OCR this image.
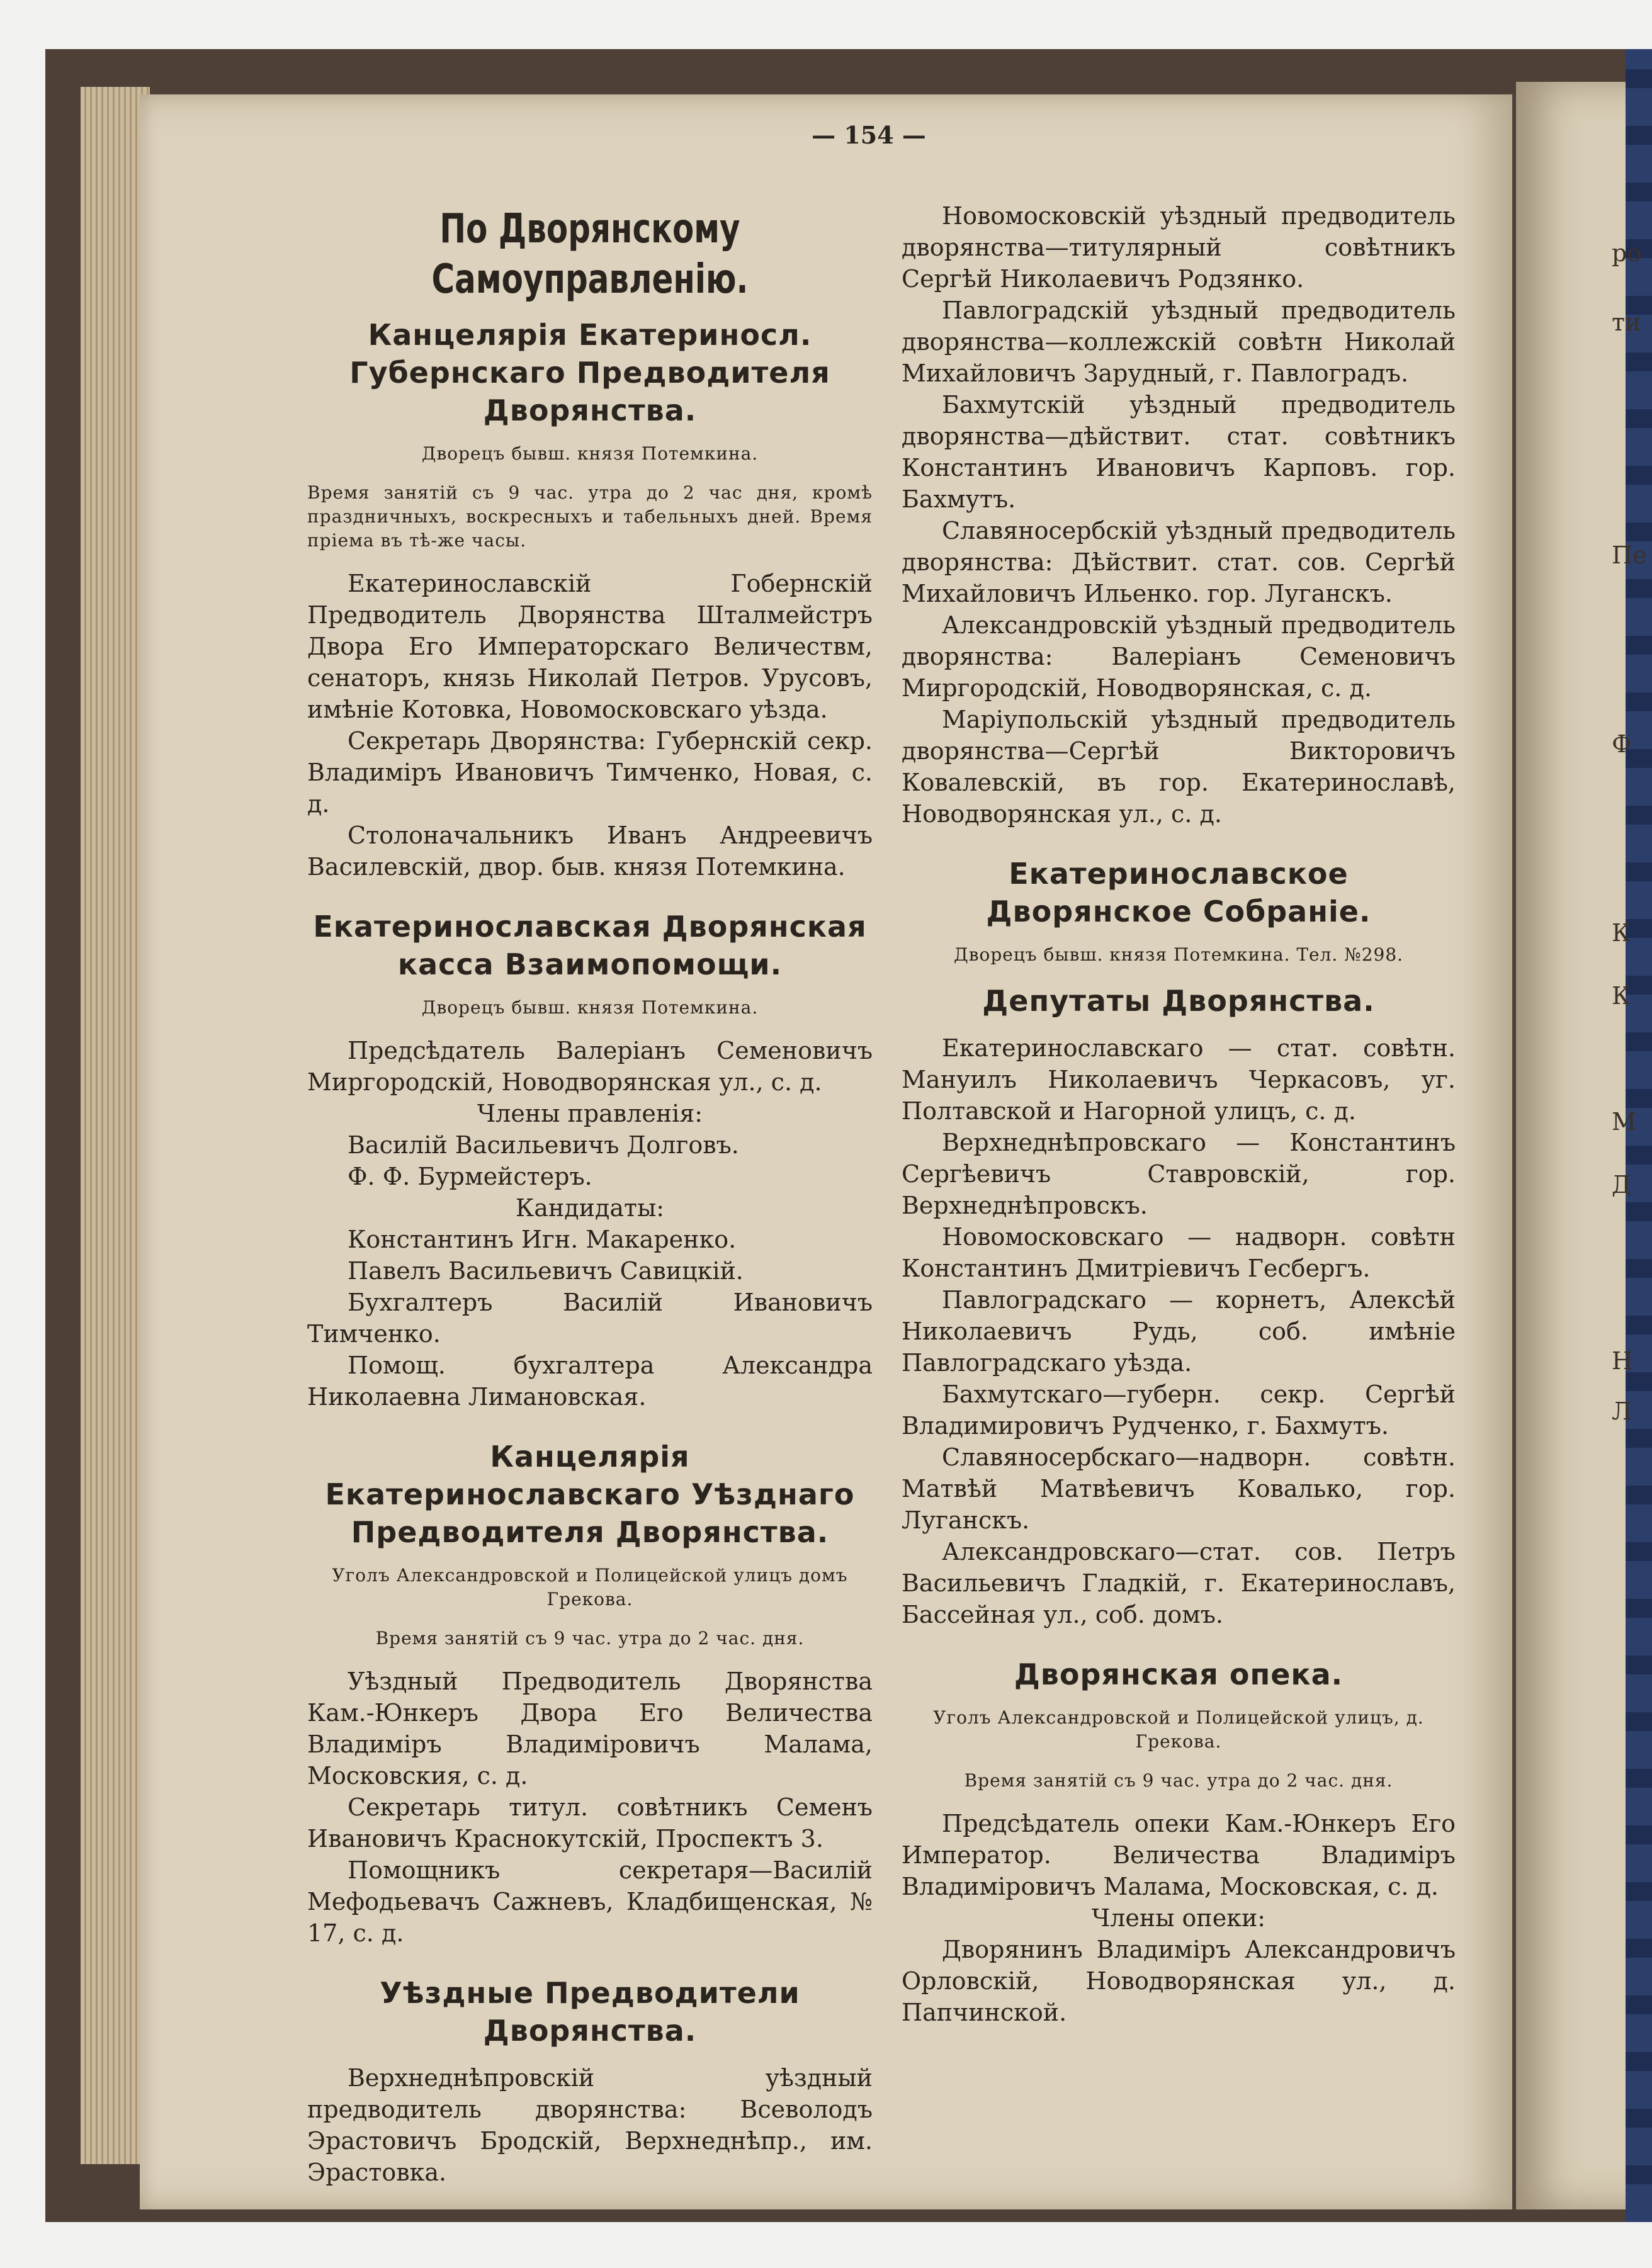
— 154 —
По Дворянскому Самоуправленію.
Канцелярія Екатериносл. Губернскаго Предводителя Дворянства.
Дворецъ бывш. князя Потемкина.
Время занятій съ 9 час. утра до 2 час дня, кромѣ праздничныхъ, воскресныхъ и табельныхъ дней. Время пріема въ тѣ-же часы.

Екатеринославскій Гобернскій Предводитель Дворянства Шталмейстръ Двора Его Императорскаго Величествм, сенаторъ, князь Николай Петров. Урусовъ, имѣніе Котовка, Новомосковскаго уѣзда.

Секретарь Дворянства: Губернскій секр. Владиміръ Ивановичъ Тимченко, Новая, с. д.

Столоначальникъ Иванъ Андреевичъ Василевскій, двор. быв. князя Потемкина.

Екатеринославская Дворянская касса Взаимопомощи.
Дворецъ бывш. князя Потемкина.

Предсѣдатель Валеріанъ Семеновичъ Миргородскій, Новодворянская ул., с. д.

Члены правленія:

Василій Васильевичъ Долговъ.

Ф. Ф. Бурмейстеръ.

Кандидаты:

Константинъ Игн. Макаренко.

Павелъ Васильевичъ Савицкій.

Бухгалтеръ Василій Ивановичъ Тимченко.

Помощ. бухгалтера Александра Николаевна Лимановская.

Канцелярія Екатеринославскаго Уѣзднаго Предводителя Дворянства.
Уголъ Александровской и Полицейской улицъ домъ Грекова.
Время занятій съ 9 час. утра до 2 час. дня.

Уѣздный Предводитель Дворянства Кам.-Юнкеръ Двора Его Величества Владиміръ Владиміровичъ Малама, Московския, с. д.

Секретарь титул. совѣтникъ Семенъ Ивановичъ Краснокутскій, Проспектъ 3.

Помощникъ секретаря—Василій Мефодьевачъ Сажневъ, Кладбищенская, № 17, с. д.

Уѣздные Предводители Дворянства.

Верхнеднѣпровскій уѣздный предводитель дворянства: Всеволодъ Эрастовичъ Бродскій, Верхнеднѣпр., им. Эрастовка.

Новомосковскій уѣздный предводитель дворянства—титулярный совѣтникъ Сергѣй Николаевичъ Родзянко.

Павлоградскій уѣздный предводитель дворянства—коллежскій совѣтн Николай Михайловичъ Зарудный, г. Павлоградъ.

Бахмутскій уѣздный предводитель дворянства—дѣйствит. стат. совѣтникъ Константинъ Ивановичъ Карповъ. гор. Бахмутъ.

Славяносербскій уѣздный предводитель дворянства: Дѣйствит. стат. сов. Сергѣй Михайловичъ Ильенко. гор. Луганскъ.

Александровскій уѣздный предводитель дворянства: Валеріанъ Семеновичъ Миргородскій, Новодворянская, с. д.

Маріупольскій уѣздный предводитель дворянства—Сергѣй Викторовичъ Ковалевскій, въ гор. Екатеринославѣ, Новодворянская ул., с. д.

Екатеринославское Дворянское Собраніе.
Дворецъ бывш. князя Потемкина. Тел. №298.
Депутаты Дворянства.

Екатеринославскаго — стат. совѣтн. Мануилъ Николаевичъ Черкасовъ, уг. Полтавской и Нагорной улицъ, с. д.

Верхнеднѣпровскаго — Константинъ Сергѣевичъ Ставровскій, гор. Верхнеднѣпровскъ.

Новомосковскаго — надворн. совѣтн Константинъ Дмитріевичъ Гесбергъ.

Павлоградскаго — корнетъ, Алексѣй Николаевичъ Рудь, соб. имѣніе Павлоградскаго уѣзда.

Бахмутскаго—губерн. секр. Сергѣй Владимировичъ Рудченко, г. Бахмутъ.

Славяносербскаго—надворн. совѣтн. Матвѣй Матвѣевичъ Ковалько, гор. Луганскъ.

Александровскаго—стат. сов. Петръ Васильевичъ Гладкій, г. Екатеринославъ, Бассейная ул., соб. домъ.

Дворянская опека.
Уголъ Александровской и Полицейской улицъ, д. Грекова.
Время занятій съ 9 час. утра до 2 час. дня.

Предсѣдатель опеки Кам.-Юнкеръ Его Император. Величества Владиміръ Владиміровичъ Малама, Московская, с. д.

Члены опеки:

Дворянинъ Владиміръ Александровичъ Орловскій, Новодворянская ул., д. Папчинской.

ро
ти
Пе
Ф
К
К
М
Д
Н
Л
